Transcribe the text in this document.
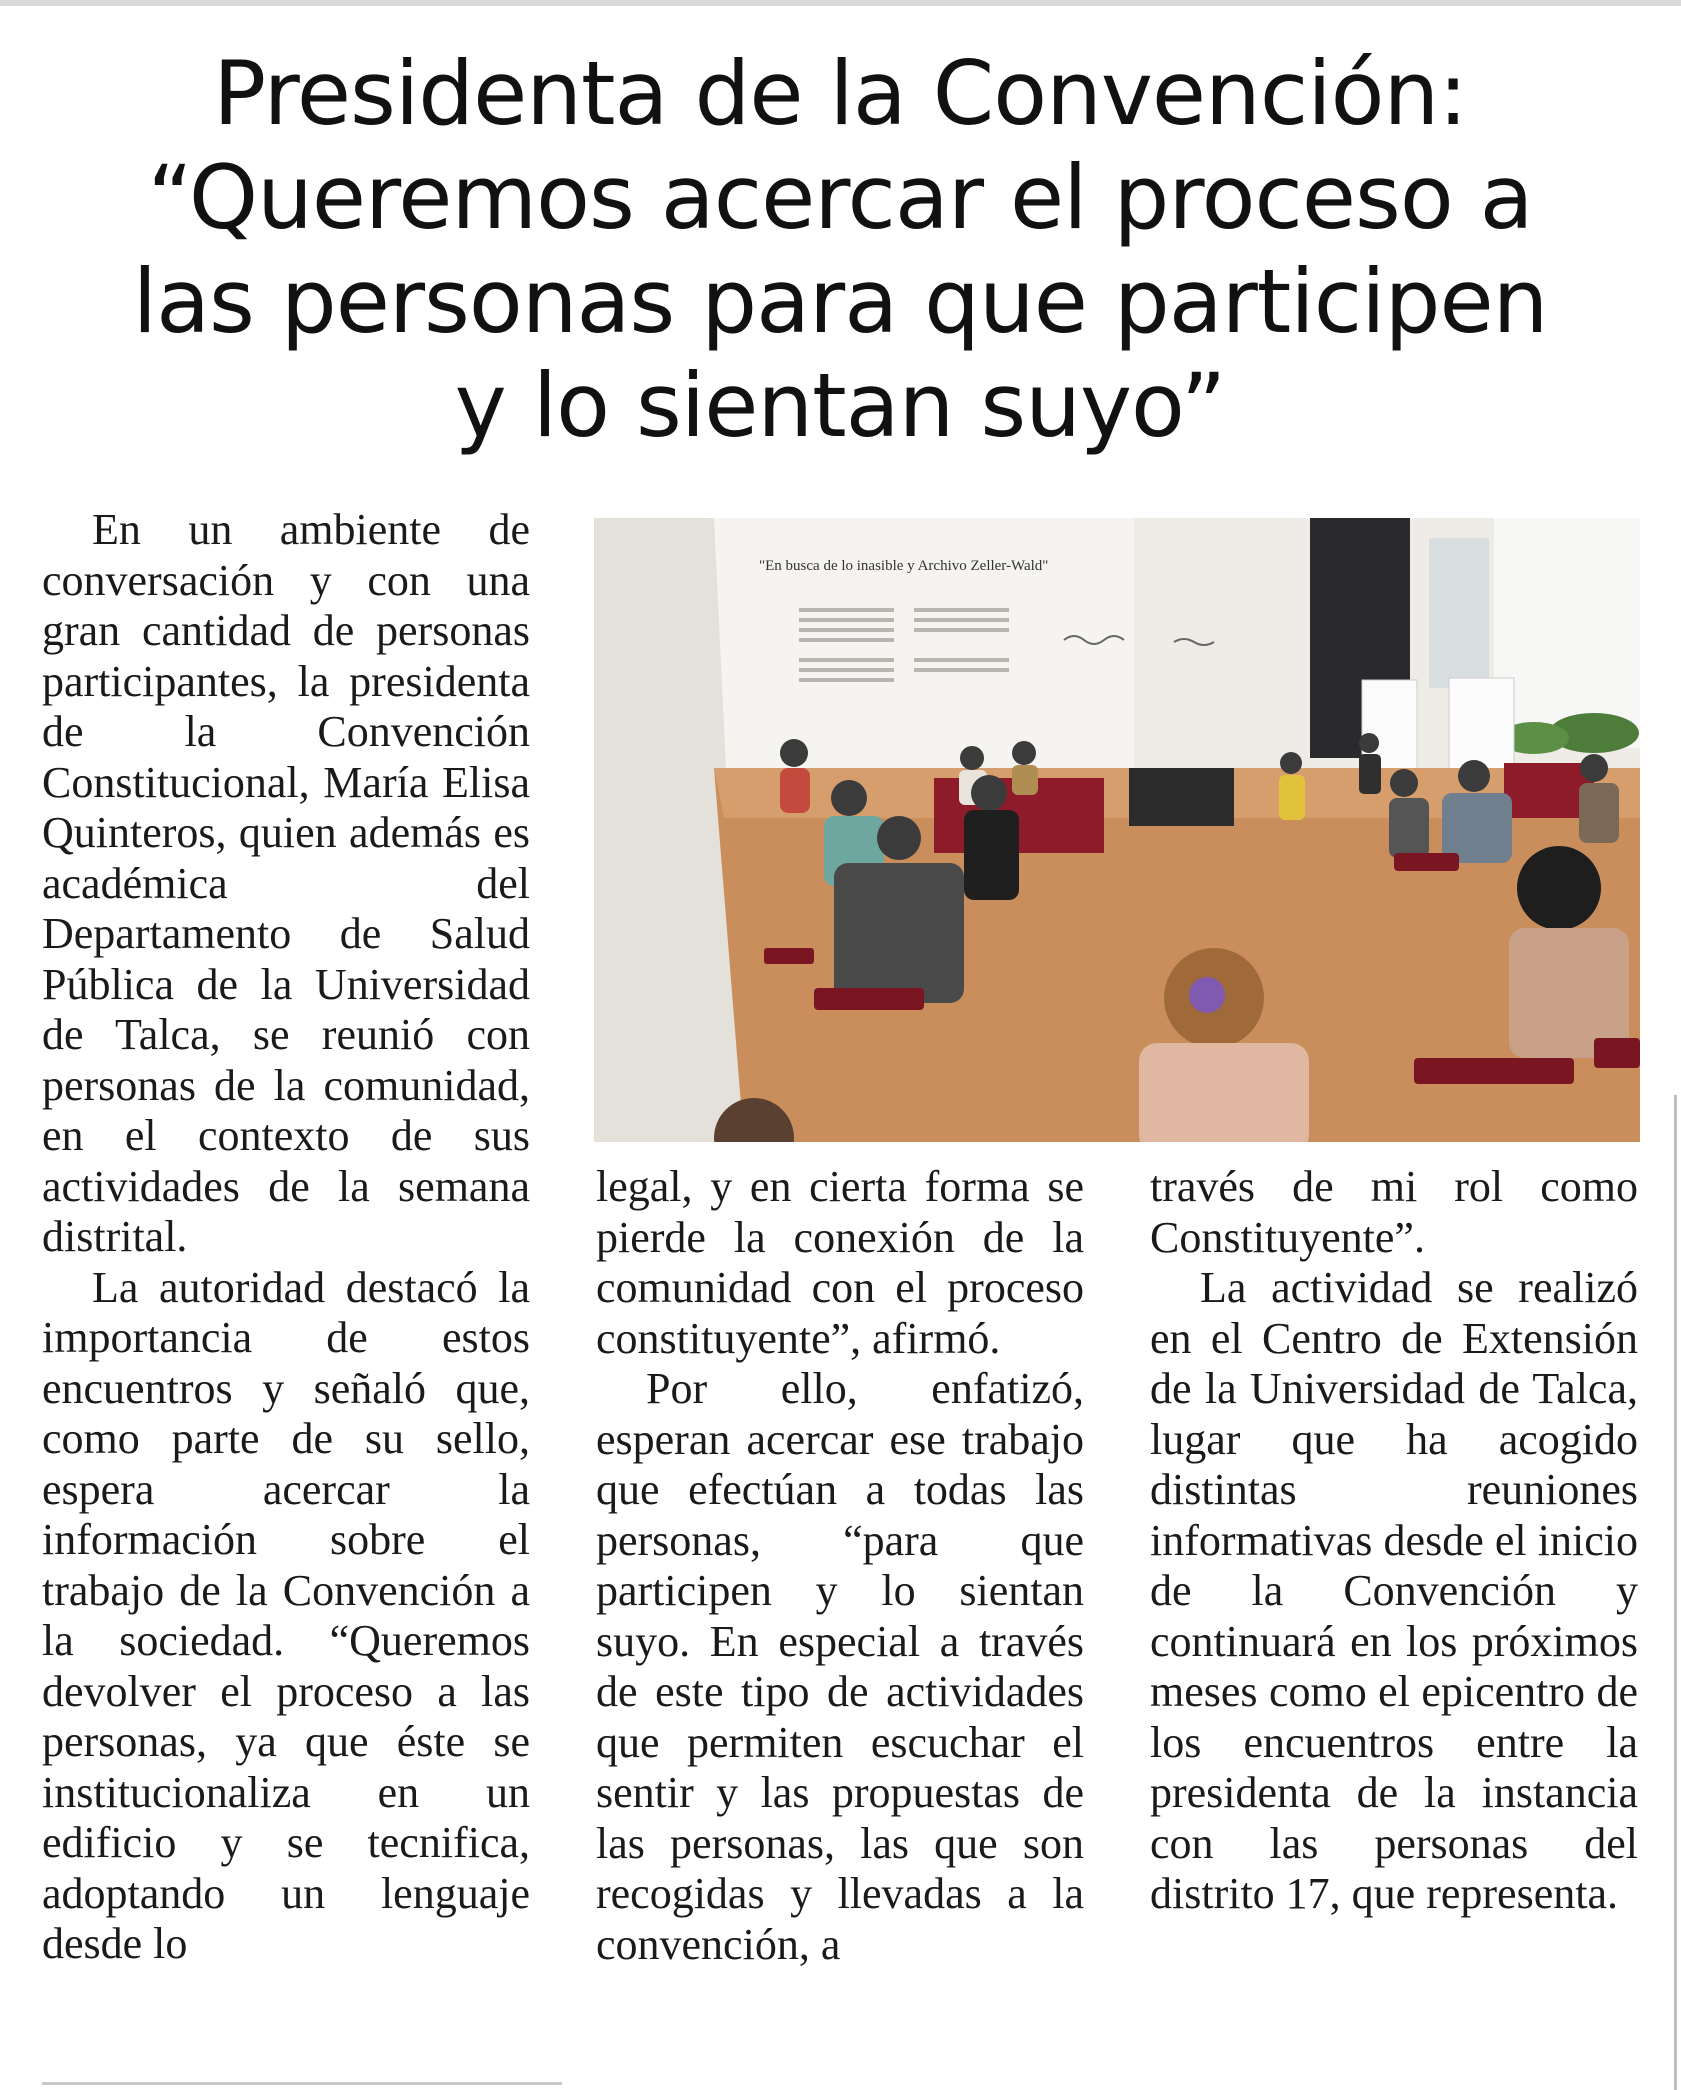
Presidenta de la Convención:
“Queremos acercar el proceso a
las personas para que participen
y lo sientan suyo”

En un ambiente de conversación y con una gran cantidad de personas participantes, la presidenta de la Convención Constitucional, María Elisa Quinteros, quien además es académica del Departamento de Salud Pública de la Universidad de Talca, se reunió con personas de la comunidad, en el contexto de sus actividades de la semana distrital.

La autoridad destacó la importancia de estos encuentros y señaló que, como parte de su sello, espera acercar la información sobre el trabajo de la Convención a la sociedad. “Queremos devolver el proceso a las personas, ya que éste se institucionaliza en un edificio y se tecnifica, adoptando un lenguaje desde lo

"En busca de lo inasible y Archivo Zeller-Wald"

legal, y en cierta forma se pierde la conexión de la comunidad con el proceso constituyente”, afirmó.

Por ello, enfatizó, esperan acercar ese trabajo que efectúan a todas las personas, “para que participen y lo sientan suyo. En especial a través de este tipo de actividades que permiten escuchar el sentir y las propuestas de las personas, las que son recogidas y llevadas a la convención, a

través de mi rol como Constituyente”.

La actividad se realizó en el Centro de Extensión de la Universidad de Talca, lugar que ha acogido distintas reuniones informativas desde el inicio de la Convención y continuará en los próximos meses como el epicentro de los encuentros entre la presidenta de la instancia con las personas del distrito 17, que representa.
